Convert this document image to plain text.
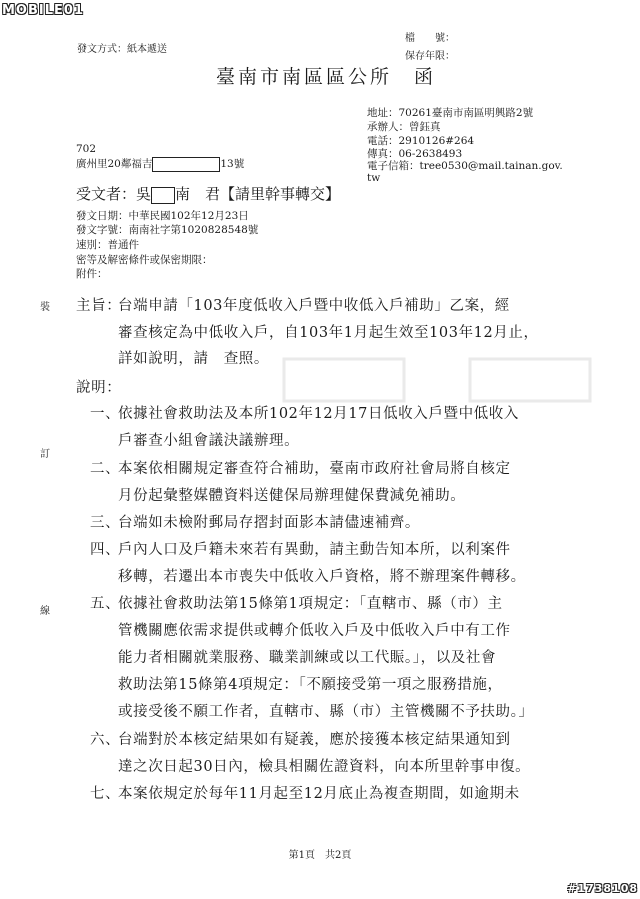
MOBILE01
發文方式：紙本遞送
檔　　號：
保存年限：
臺南市南區區公所　函
地址：70261臺南市南區明興路2號
承辦人：曾鈺真
電話：2910126#264
傳真：06-2638493
電子信箱：tree0530@mail.tainan.gov.
tw
702
廣州里20鄰福吉	13號
受文者：吳 南　君【請里幹事轉交】
發文日期：中華民國102年12月23日
發文字號：南南社字第1020828548號
速別：普通件
密等及解密條件或保密期限：
附件：
裝
訂
線
主旨：
台端申請「103年度低收入戶暨中收低入戶補助」乙案，經
審查核定為中低收入戶，自103年1月起生效至103年12月止，
詳如說明，請　查照。
說明：
一、
依據社會救助法及本所102年12月17日低收入戶暨中低收入
戶審查小組會議決議辦理。
二、
本案依相關規定審查符合補助，臺南市政府社會局將自核定
月份起彙整媒體資料送健保局辦理健保費減免補助。
三、
台端如未檢附郵局存摺封面影本請儘速補齊。
四、
戶內人口及戶籍未來若有異動，請主動告知本所，以利案件
移轉，若遷出本市喪失中低收入戶資格，將不辦理案件轉移。
五、
依據社會救助法第15條第1項規定：「直轄市、縣（市）主
管機關應依需求提供或轉介低收入戶及中低收入戶中有工作
能力者相關就業服務、職業訓練或以工代賑。」，以及社會
救助法第15條第4項規定：「不願接受第一項之服務措施，
或接受後不願工作者，直轄市、縣（市）主管機關不予扶助。」
六、
台端對於本核定結果如有疑義，應於接獲本核定結果通知到
達之次日起30日內，檢具相關佐證資料，向本所里幹事申復。
七、
本案依規定於每年11月起至12月底止為複查期間，如逾期未
第1頁　共2頁
#1738108
